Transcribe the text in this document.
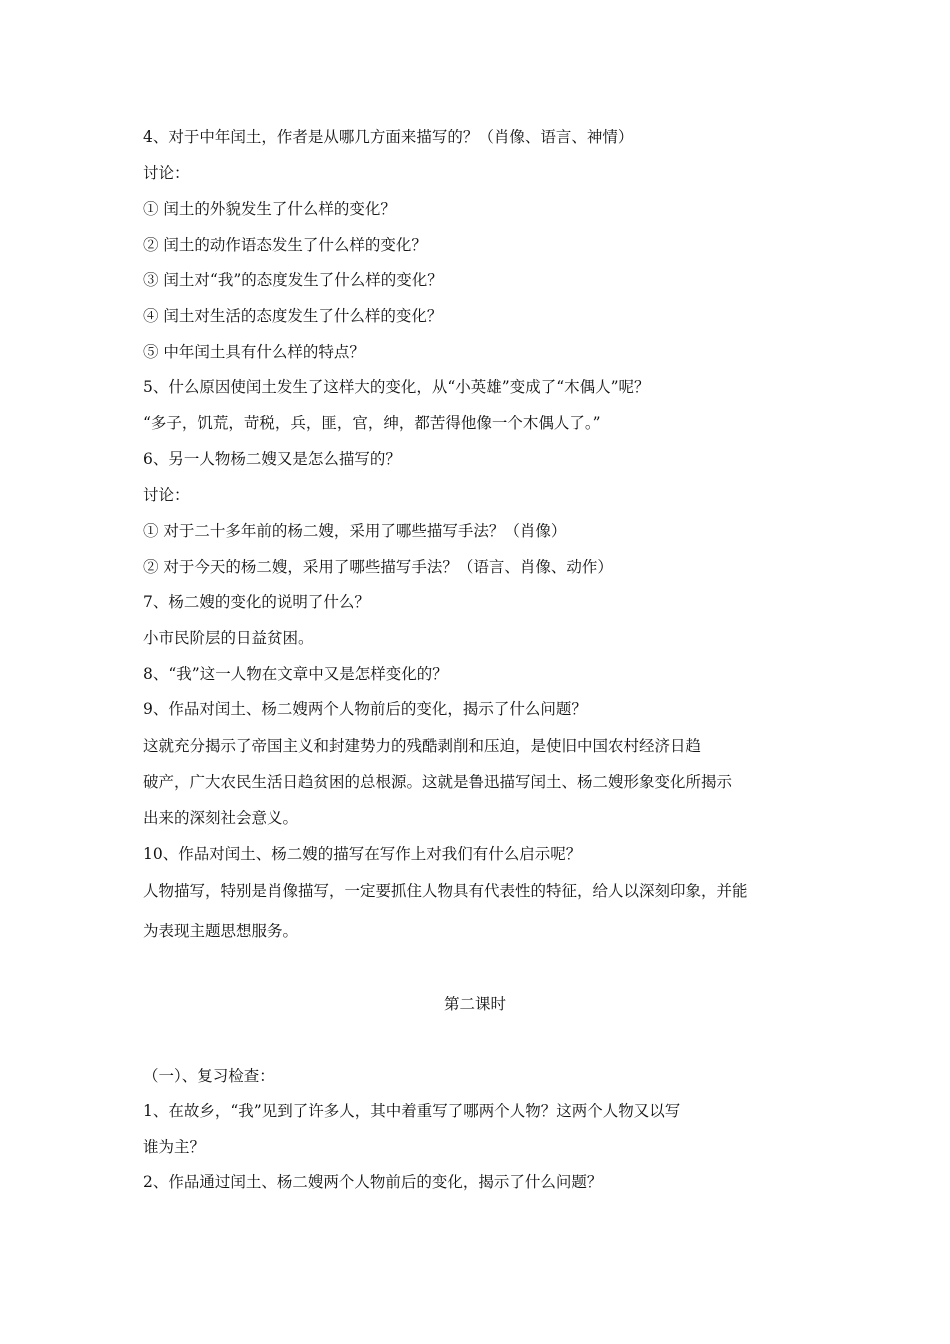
4、对于中年闰土，作者是从哪几方面来描写的？（肖像、语言、神情）

讨论：

① 闰土的外貌发生了什么样的变化？

② 闰土的动作语态发生了什么样的变化？

③ 闰土对“我”的态度发生了什么样的变化？

④ 闰土对生活的态度发生了什么样的变化？

⑤ 中年闰土具有什么样的特点？

5、什么原因使闰土发生了这样大的变化，从“小英雄”变成了“木偶人”呢？

“多子，饥荒，苛税，兵，匪，官，绅，都苦得他像一个木偶人了。”

6、另一人物杨二嫂又是怎么描写的？

讨论：

① 对于二十多年前的杨二嫂，采用了哪些描写手法？（肖像）

② 对于今天的杨二嫂，采用了哪些描写手法？（语言、肖像、动作）

7、杨二嫂的变化的说明了什么？

小市民阶层的日益贫困。

8、“我”这一人物在文章中又是怎样变化的？

9、作品对闰土、杨二嫂两个人物前后的变化，揭示了什么问题？

这就充分揭示了帝国主义和封建势力的残酷剥削和压迫，是使旧中国农村经济日趋

破产，广大农民生活日趋贫困的总根源。这就是鲁迅描写闰土、杨二嫂形象变化所揭示

出来的深刻社会意义。

10、作品对闰土、杨二嫂的描写在写作上对我们有什么启示呢？

人物描写，特别是肖像描写，一定要抓住人物具有代表性的特征，给人以深刻印象，并能

为表现主题思想服务。

第二课时

（一）、复习检查：

1、在故乡，“我”见到了许多人，其中着重写了哪两个人物？这两个人物又以写

谁为主？

2、作品通过闰土、杨二嫂两个人物前后的变化，揭示了什么问题？
